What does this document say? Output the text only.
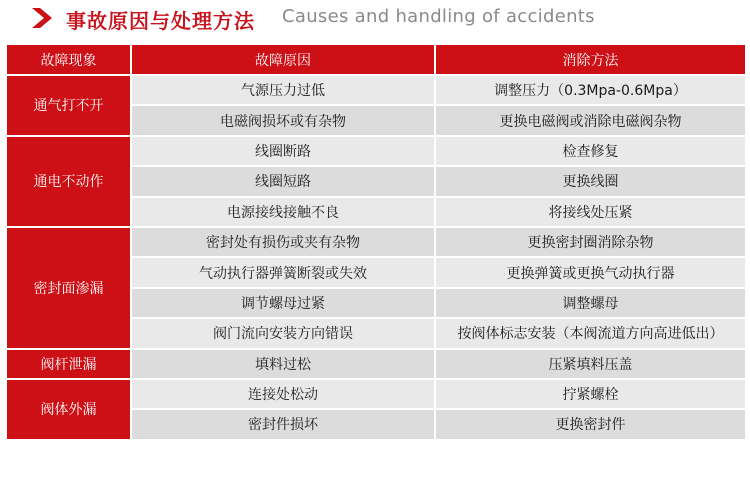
事故原因与处理方法 Causes and handling of accidents
故障现象	故障原因	消除方法
通气打不开	气源压力过低	调整压力（0.3Mpa-0.6Mpa）
	电磁阀损坏或有杂物	更换电磁阀或消除电磁阀杂物
通电不动作	线圈断路	检查修复
	线圈短路	更换线圈
	电源接线接触不良	将接线处压紧
密封面渗漏	密封处有损伤或夹有杂物	更换密封圈消除杂物
	气动执行器弹簧断裂或失效	更换弹簧或更换气动执行器
	调节螺母过紧	调整螺母
	阀门流向安装方向错误	按阀体标志安装（本阀流道方向高进低出）
阀杆泄漏	填料过松	压紧填料压盖
阀体外漏	连接处松动	拧紧螺栓
	密封件损坏	更换密封件
